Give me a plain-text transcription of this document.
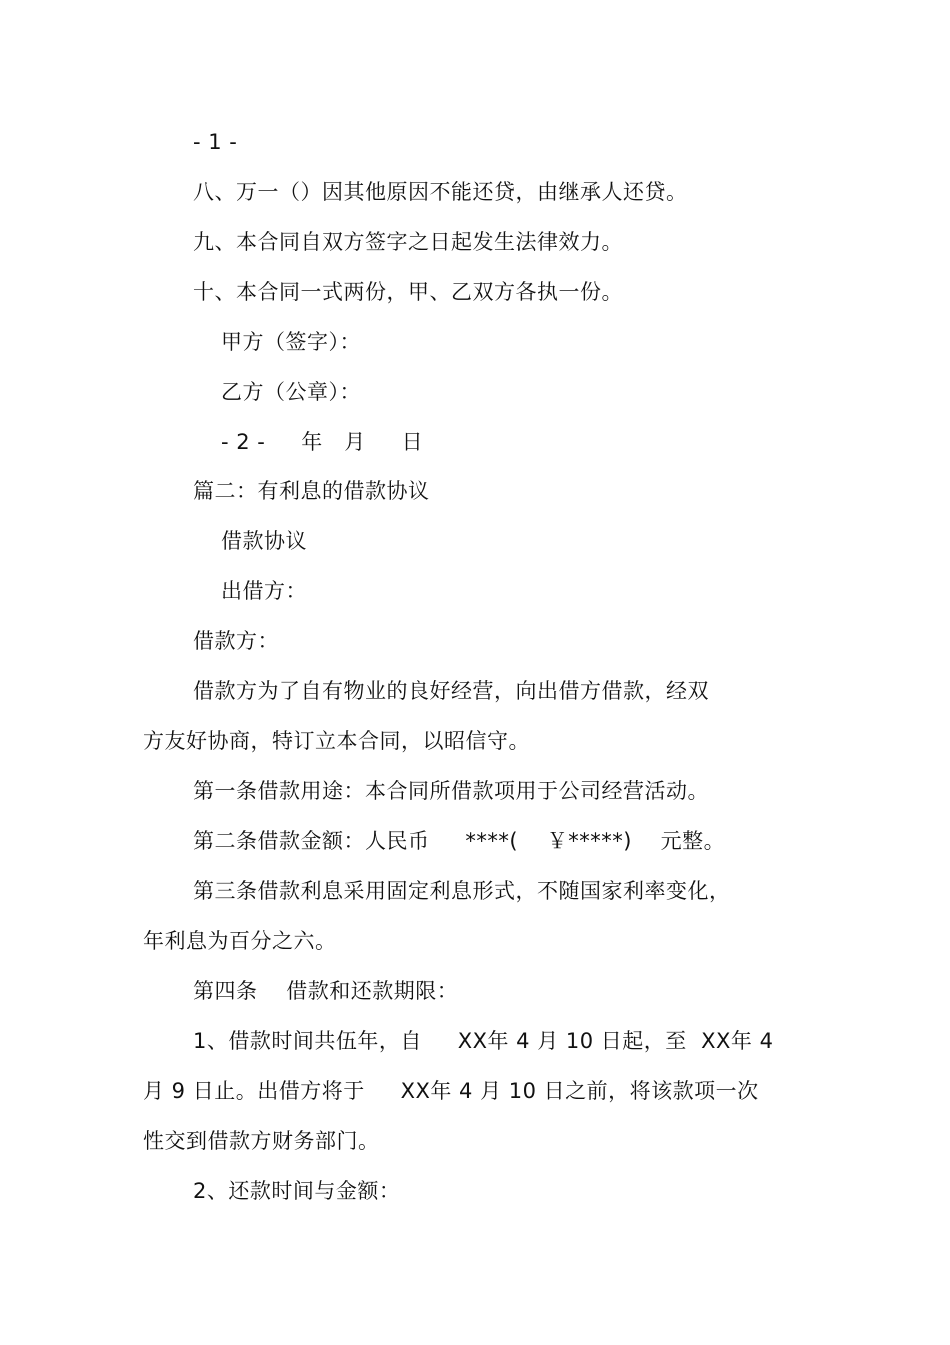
- 1 -
八、万一（）因其他原因不能还贷，由继承人还贷。
九、本合同自双方签字之日起发生法律效力。
十、本合同一式两份，甲、乙双方各执一份。
甲方（签字）：
乙方（公章）：
- 2 -     年   月     日
篇二：有利息的借款协议
借款协议
出借方：
借款方：
借款方为了自有物业的良好经营，向出借方借款，经双
方友好协商，特订立本合同，以昭信守。
第一条借款用途：本合同所借款项用于公司经营活动。
第二条借款金额：人民币     ****(    ￥*****)    元整。
第三条借款利息采用固定利息形式，不随国家利率变化，
年利息为百分之六。
第四条    借款和还款期限：
1、借款时间共伍年，自     XX年 4 月 10 日起，至  XX年 4
月 9 日止。出借方将于     XX年 4 月 10 日之前，将该款项一次
性交到借款方财务部门。
2、还款时间与金额：
